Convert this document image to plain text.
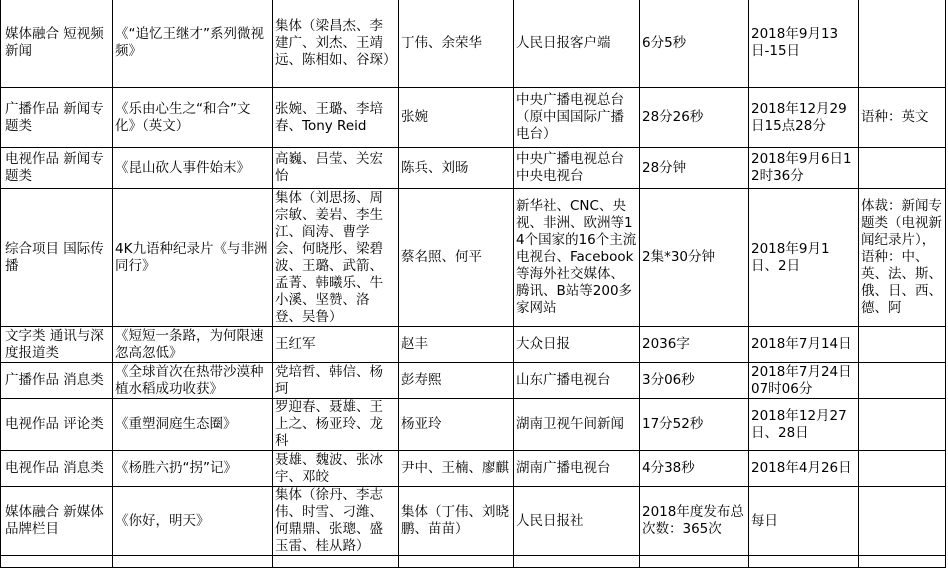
媒体融合 短视频新闻	《“追忆王继才”系列微视频》	集体（梁昌杰、李建广、刘杰、王靖远、陈相如、谷琛）	丁伟、余荣华	人民日报客户端	6分5秒	2018年9月13日-15日	
广播作品 新闻专题类	《乐由心生之“和合”文化》（英文）	张婉、王璐、李培春、Tony Reid	张婉	中央广播电视总台（原中国国际广播电台）	28分26秒	2018年12月29日15点28分	语种：英文
电视作品 新闻专题类	《昆山砍人事件始末》	高巍、吕莹、关宏怡	陈兵、刘旸	中央广播电视总台中央电视台	28分钟	2018年9月6日12时36分	
综合项目 国际传播	4K九语种纪录片《与非洲同行》	集体（刘思扬、周宗敏、姜岩、李生江、阎涛、曹学会、何晓彤、梁碧波、王璐、武箭、孟菁、韩曦乐、牛小溪、坚赞、洛登、吴鲁）	蔡名照、何平	新华社、CNC、央视、非洲、欧洲等14个国家的16个主流电视台、Facebook等海外社交媒体、腾讯、B站等200多家网站	2集*30分钟	2018年9月1日、2日	体裁：新闻专题类（电视新闻纪录片），语种：中、英、法、斯、俄、日、西、德、阿
文字类 通讯与深度报道类	《短短一条路，为何限速忽高忽低》	王红军	赵丰	大众日报	2036字	2018年7月14日	
广播作品 消息类	《全球首次在热带沙漠种植水稻成功收获》	党培哲、韩信、杨珂	彭寿熙	山东广播电视台	3分06秒	2018年7月24日07时06分	
电视作品 评论类	《重塑洞庭生态圈》	罗迎春、聂雄、王上之、杨亚玲、龙科	杨亚玲	湖南卫视午间新闻	17分52秒	2018年12月27日、28日	
电视作品 消息类	《杨胜六扔“拐”记》	聂雄、魏波、张冰宇、邓皎	尹中、王楠、廖麒	湖南广播电视台	4分38秒	2018年4月26日	
媒体融合 新媒体品牌栏目	《你好，明天》	集体（徐丹、李志伟、时雪、刁潍、何鼎鼎、张璁、盛玉雷、桂从路）	集体（丁伟、刘晓鹏、苗苗）	人民日报社	2018年度发布总次数：365次	每日	
